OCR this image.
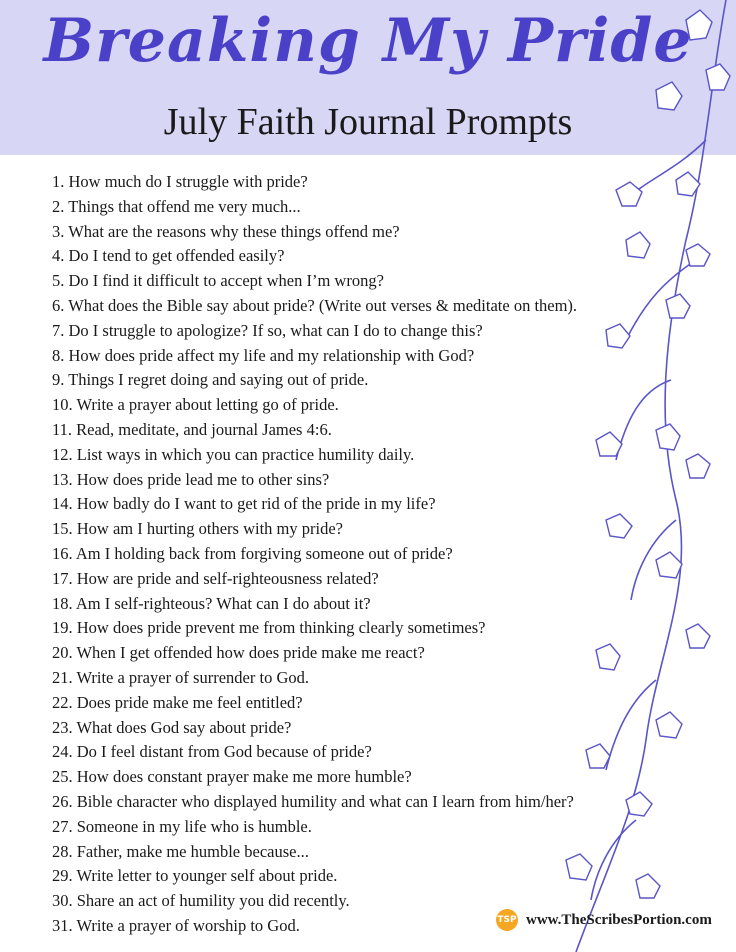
Breaking My Pride
July Faith Journal Prompts
1. How much do I struggle with pride?
2. Things that offend me very much...
3. What are the reasons why these things offend me?
4. Do I tend to get offended easily?
5. Do I find it difficult to accept when I’m wrong?
6. What does the Bible say about pride? (Write out verses & meditate on them).
7. Do I struggle to apologize? If so, what can I do to change this?
8. How does pride affect my life and my relationship with God?
9. Things I regret doing and saying out of pride.
10. Write a prayer about letting go of pride.
11. Read, meditate, and journal James 4:6.
12. List ways in which you can practice humility daily.
13. How does pride lead me to other sins?
14. How badly do I want to get rid of the pride in my life?
15. How am I hurting others with my pride?
16. Am I holding back from forgiving someone out of pride?
17. How are pride and self-righteousness related?
18. Am I self-righteous? What can I do about it?
19. How does pride prevent me from thinking clearly sometimes?
20. When I get offended how does pride make me react?
21. Write a prayer of surrender to God.
22. Does pride make me feel entitled?
23. What does God say about pride?
24. Do I feel distant from God because of pride?
25. How does constant prayer make me more humble?
26. Bible character who displayed humility and what can I learn from him/her?
27. Someone in my life who is humble.
28. Father, make me humble because...
29. Write letter to younger self about pride.
30. Share an act of humility you did recently.
31. Write a prayer of worship to God.	TSP www.TheScribesPortion.com
